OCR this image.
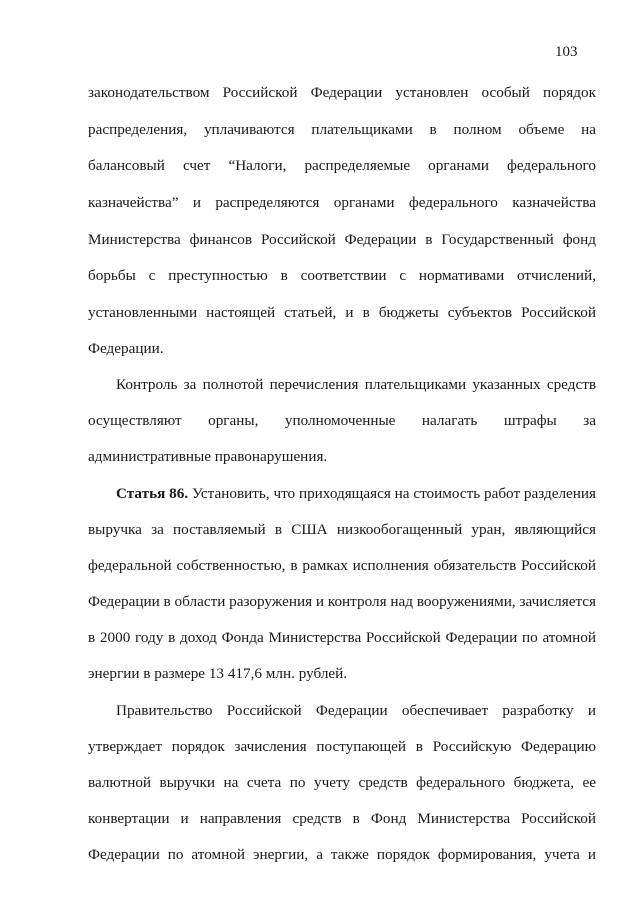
103
законодательством Российской Федерации установлен особый порядок
распределения, уплачиваются плательщиками в полном объеме на
балансовый счет “Налоги, распределяемые органами федерального
казначейства” и распределяются органами федерального казначейства
Министерства финансов Российской Федерации в Государственный фонд
борьбы с преступностью в соответствии с нормативами отчислений,
установленными настоящей статьей, и в бюджеты субъектов Российской
Федерации.
Контроль за полнотой перечисления плательщиками указанных средств
осуществляют органы, уполномоченные налагать штрафы за
административные правонарушения.
Статья 86. Установить, что приходящаяся на стоимость работ разделения
выручка за поставляемый в США низкообогащенный уран, являющийся
федеральной собственностью, в рамках исполнения обязательств Российской
Федерации в области разоружения и контроля над вооружениями, зачисляется
в 2000 году в доход Фонда Министерства Российской Федерации по атомной
энергии в размере 13 417,6 млн. рублей.
Правительство Российской Федерации обеспечивает разработку и
утверждает порядок зачисления поступающей в Российскую Федерацию
валютной выручки на счета по учету средств федерального бюджета, ее
конвертации и направления средств в Фонд Министерства Российской
Федерации по атомной энергии, а также порядок формирования, учета и
